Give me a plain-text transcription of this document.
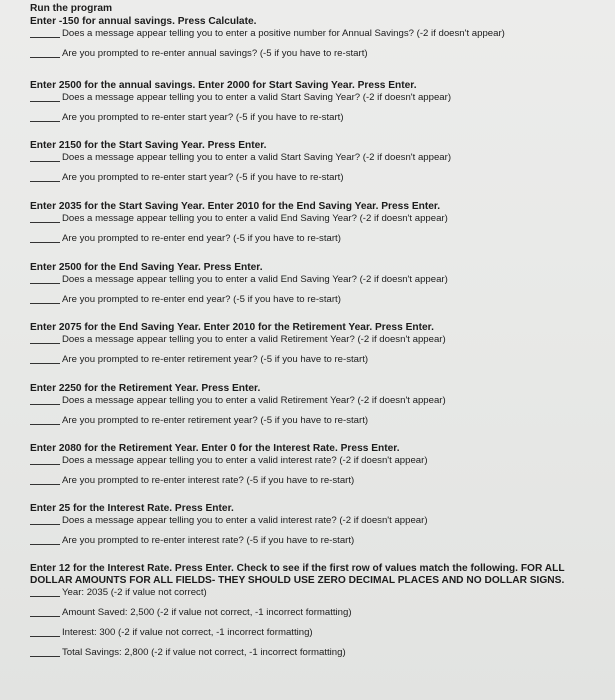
Run the program
Enter -150 for annual savings. Press Calculate.
Does a message appear telling you to enter a positive number for Annual Savings? (-2 if doesn't appear)
Are you prompted to re-enter annual savings? (-5 if you have to re-start)
Enter 2500 for the annual savings. Enter 2000 for Start Saving Year. Press Enter.
Does a message appear telling you to enter a valid Start Saving Year? (-2 if doesn't appear)
Are you prompted to re-enter start year? (-5 if you have to re-start)
Enter 2150 for the Start Saving Year. Press Enter.
Does a message appear telling you to enter a valid Start Saving Year? (-2 if doesn't appear)
Are you prompted to re-enter start year? (-5 if you have to re-start)
Enter 2035 for the Start Saving Year. Enter 2010 for the End Saving Year. Press Enter.
Does a message appear telling you to enter a valid End Saving Year? (-2 if doesn't appear)
Are you prompted to re-enter end year? (-5 if you have to re-start)
Enter 2500 for the End Saving Year. Press Enter.
Does a message appear telling you to enter a valid End Saving Year? (-2 if doesn't appear)
Are you prompted to re-enter end year? (-5 if you have to re-start)
Enter 2075 for the End Saving Year. Enter 2010 for the Retirement Year. Press Enter.
Does a message appear telling you to enter a valid Retirement Year? (-2 if doesn't appear)
Are you prompted to re-enter retirement year? (-5 if you have to re-start)
Enter 2250 for the Retirement Year. Press Enter.
Does a message appear telling you to enter a valid Retirement Year? (-2 if doesn't appear)
Are you prompted to re-enter retirement year? (-5 if you have to re-start)
Enter 2080 for the Retirement Year. Enter 0 for the Interest Rate. Press Enter.
Does a message appear telling you to enter a valid interest rate? (-2 if doesn't appear)
Are you prompted to re-enter interest rate? (-5 if you have to re-start)
Enter 25 for the Interest Rate. Press Enter.
Does a message appear telling you to enter a valid interest rate? (-2 if doesn't appear)
Are you prompted to re-enter interest rate? (-5 if you have to re-start)
Enter 12 for the Interest Rate. Press Enter. Check to see if the first row of values match the following. FOR ALL DOLLAR AMOUNTS FOR ALL FIELDS- THEY SHOULD USE ZERO DECIMAL PLACES AND NO DOLLAR SIGNS.
Year: 2035 (-2 if value not correct)
Amount Saved: 2,500 (-2 if value not correct, -1 incorrect formatting)
Interest: 300 (-2 if value not correct, -1 incorrect formatting)
Total Savings: 2,800 (-2 if value not correct, -1 incorrect formatting)
